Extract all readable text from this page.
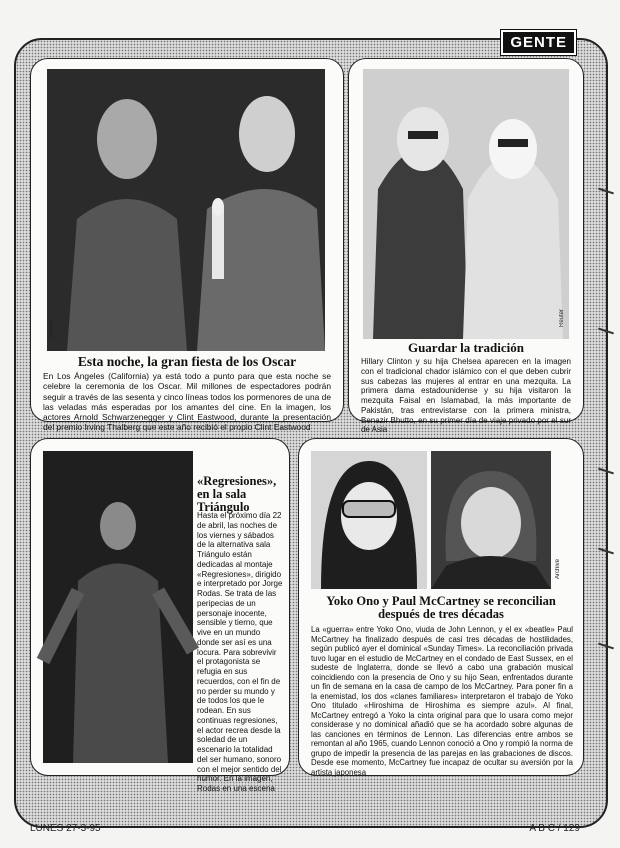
GENTE
Reuter
Esta noche, la gran fiesta de los Oscar
En Los Ángeles (California) ya está todo a punto para que esta noche se celebre la ceremonia de los Oscar. Mil millones de espectadores podrán seguir a través de las sesenta y cinco líneas todos los pormenores de una de las veladas más esperadas por los amantes del cine. En la imagen, los actores Arnold Schwarzenegger y Clint Eastwood, durante la presentación del premio Irving Thalberg que este año recibió el propio Clint Eastwood
Reuter
Guardar la tradición
Hillary Clinton y su hija Chelsea aparecen en la imagen con el tradicional chador islámico con el que deben cubrir sus cabezas las mujeres al entrar en una mezquita. La primera dama estadounidense y su hija visitaron la mezquita Faisal en Islamabad, la más importante de Pakistán, tras entrevistarse con la primera ministra, Benazir Bhutto, en su primer día de viaje privado por el sur de Asia
J. M. Fernández
«Regresiones», en la sala Triángulo
Hasta el próximo día 22 de abril, las noches de los viernes y sábados de la alternativa sala Triángulo están dedicadas al montaje «Regresiones», dirigido e interpretado por Jorge Rodas. Se trata de las peripecias de un personaje inocente, sensible y tierno, que vive en un mundo donde ser así es una locura. Para sobrevivir el protagonista se refugia en sus recuerdos, con el fin de no perder su mundo y de todos los que le rodean. En sus continuas regresiones, el actor recrea desde la soledad de un escenario la totalidad del ser humano, sonoro con el mejor sentido del humor. En la imagen, Rodas en una escena
Archive
Yoko Ono y Paul McCartney se reconcilian después de tres décadas
La «guerra» entre Yoko Ono, viuda de John Lennon, y el ex «beatle» Paul McCartney ha finalizado después de casi tres décadas de hostilidades, según publicó ayer el dominical «Sunday Times». La reconciliación privada tuvo lugar en el estudio de McCartney en el condado de East Sussex, en el sudeste de Inglaterra, donde se llevó a cabo una grabación musical coincidiendo con la presencia de Ono y su hijo Sean, enfrentados durante un fin de semana en la casa de campo de los McCartney. Para poner fin a la enemistad, los dos «clanes familiares» interpretaron el trabajo de Yoko Ono titulado «Hiroshima de Hiroshima es siempre azul». Al final, McCartney entregó a Yoko la cinta original para que lo usara como mejor considerase y no dominical añadió que se ha acordado sobre algunas de las canciones en términos de Lennon. Las diferencias entre ambos se remontan al año 1965, cuando Lennon conoció a Ono y rompió la norma de grupo de impedir la presencia de las parejas en las grabaciones de discos. Desde ese momento, McCartney fue incapaz de ocultar su aversión por la artista japonesa
LUNES 27-3-95	A B C / 129
